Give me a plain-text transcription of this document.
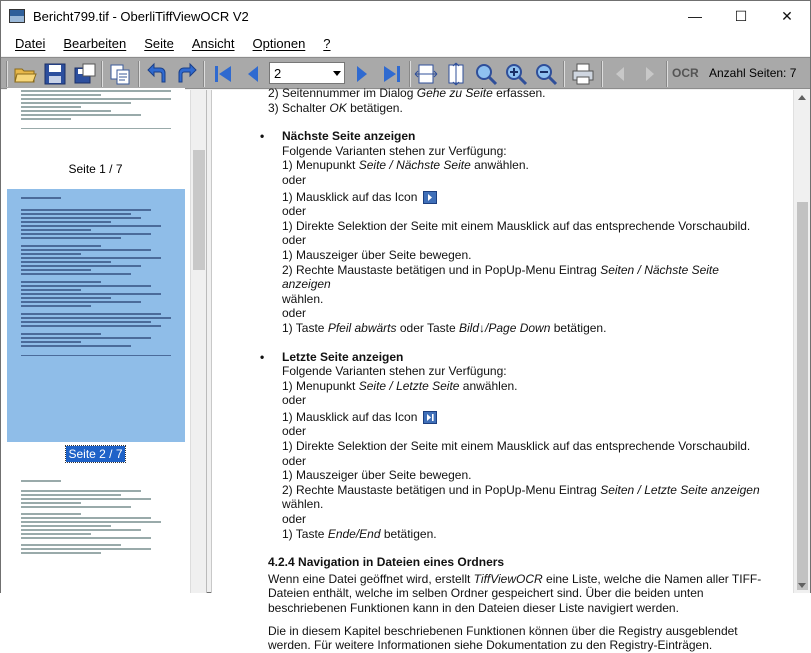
Bericht799.tif - OberliTiffViewOCR V2	—	☐	✕
Datei Bearbeiten Seite Ansicht Optionen ?
2	OCR Anzahl Seiten: 7
Seite 1 / 7
Seite 2 / 7

2) Seitennummer im Dialog Gehe zu Seite erfassen.

3) Schalter OK betätigen.

• Nächste Seite anzeigen

Folgende Varianten stehen zur Verfügung:

1) Menupunkt Seite / Nächste Seite anwählen.

oder

1) Mausklick auf das Icon

oder

1) Direkte Selektion der Seite mit einem Mausklick auf das entsprechende Vorschaubild.

oder

1) Mauszeiger über Seite bewegen.

2) Rechte Maustaste betätigen und in PopUp-Menu Eintrag Seiten / Nächste Seite anzeigen

wählen.

oder

1) Taste Pfeil abwärts oder Taste Bild↓/Page Down betätigen.

• Letzte Seite anzeigen

Folgende Varianten stehen zur Verfügung:

1) Menupunkt Seite / Letzte Seite anwählen.

oder

1) Mausklick auf das Icon

oder

1) Direkte Selektion der Seite mit einem Mausklick auf das entsprechende Vorschaubild.

oder

1) Mauszeiger über Seite bewegen.

2) Rechte Maustaste betätigen und in PopUp-Menu Eintrag Seiten / Letzte Seite anzeigen

wählen.

oder

1) Taste Ende/End betätigen.

4.2.4 Navigation in Dateien eines Ordners

Wenn eine Datei geöffnet wird, erstellt TiffViewOCR eine Liste, welche die Namen aller TIFF-Dateien enthält, welche im selben Ordner gespeichert sind. Über die beiden unten beschriebenen Funktionen kann in den Dateien dieser Liste navigiert werden.

Die in diesem Kapitel beschriebenen Funktionen können über die Registry ausgeblendet werden. Für weitere Informationen siehe Dokumentation zu den Registry-Einträgen.
